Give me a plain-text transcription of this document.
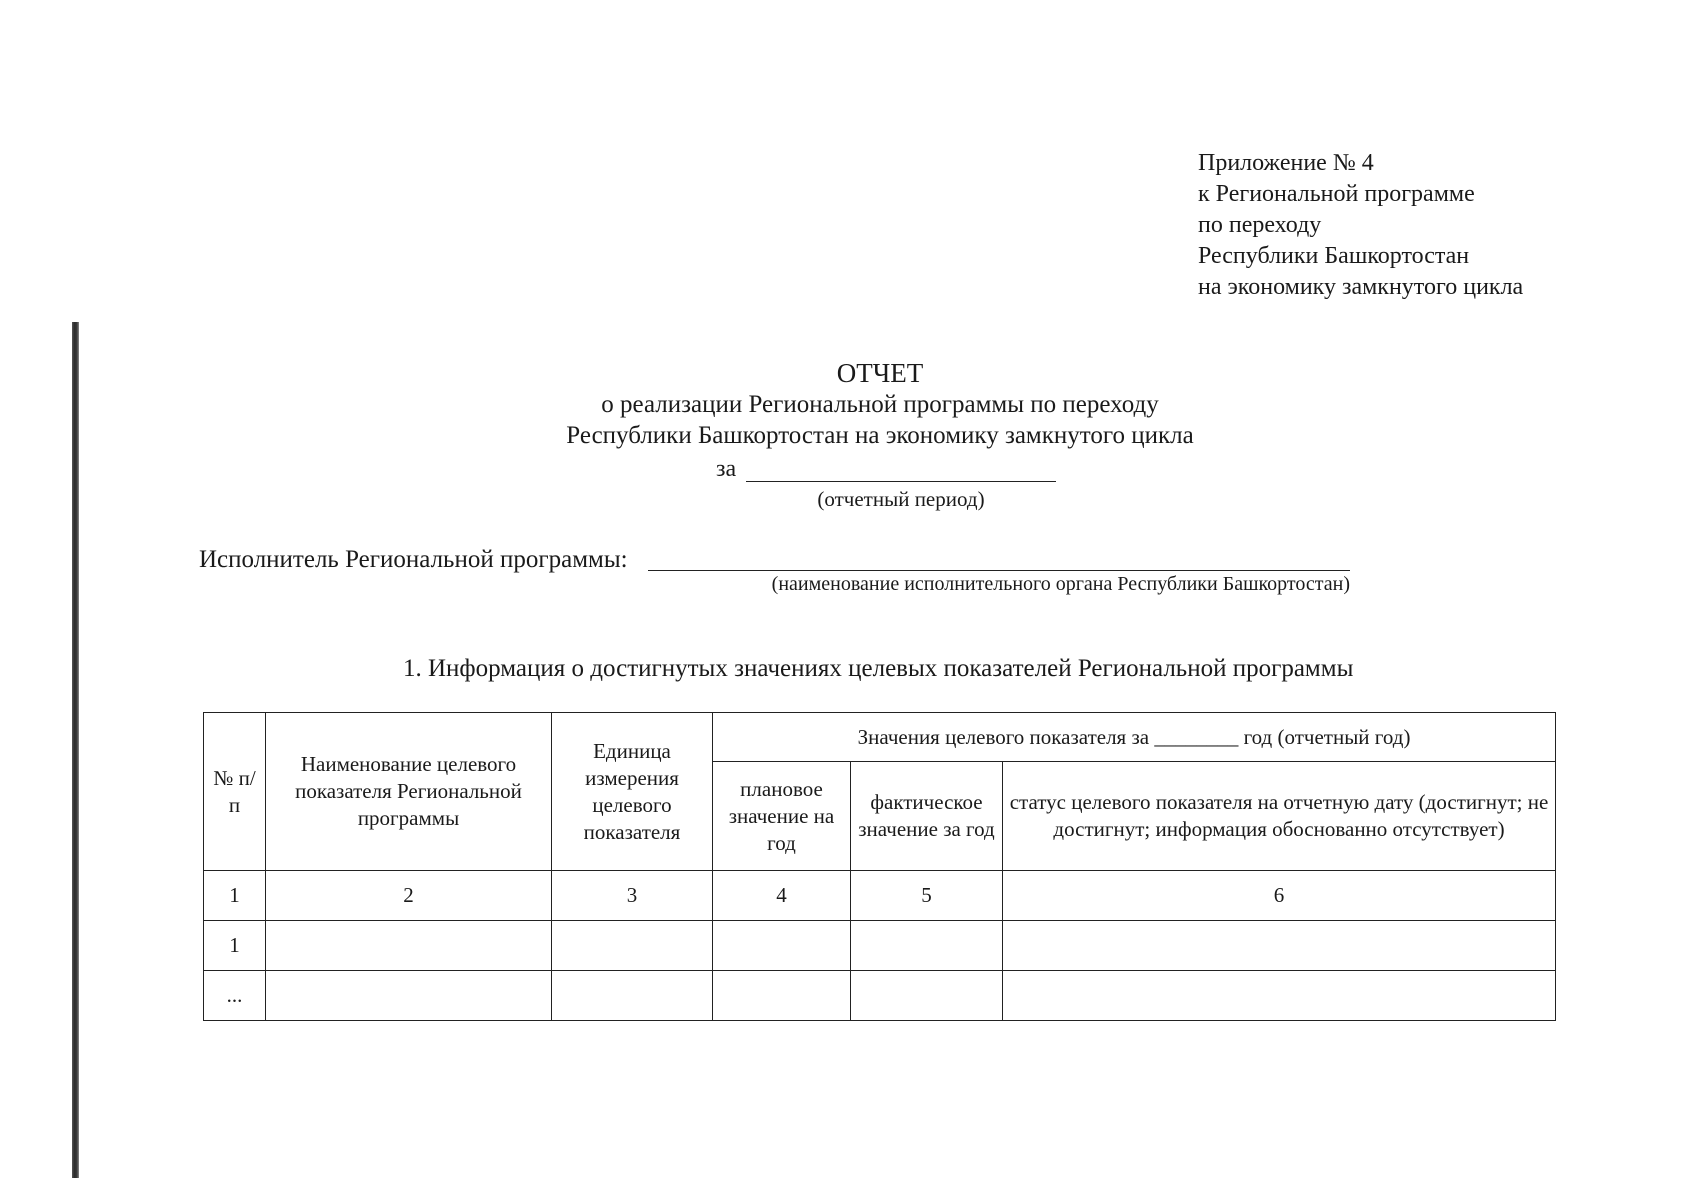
Приложение № 4
к Региональной программе
по переходу
Республики Башкортостан
на экономику замкнутого цикла
ОТЧЕТ
о реализации Региональной программы по переходу
Республики Башкортостан на экономику замкнутого цикла
за
(отчетный период)
Исполнитель Региональной программы:
(наименование исполнительного органа Республики Башкортостан)
1. Информация о достигнутых значениях целевых показателей Региональной программы
№ п/п	Наименование целевого показателя Региональной программы	Единица измерения целевого показателя	Значения целевого показателя за ________ год (отчетный год)		
			плановое значение на год	фактическое значение за год	статус целевого показателя на отчетную дату (достигнут; не достигнут; информация обоснованно отсутствует)
1	2	3	4	5	6
1					
...					
